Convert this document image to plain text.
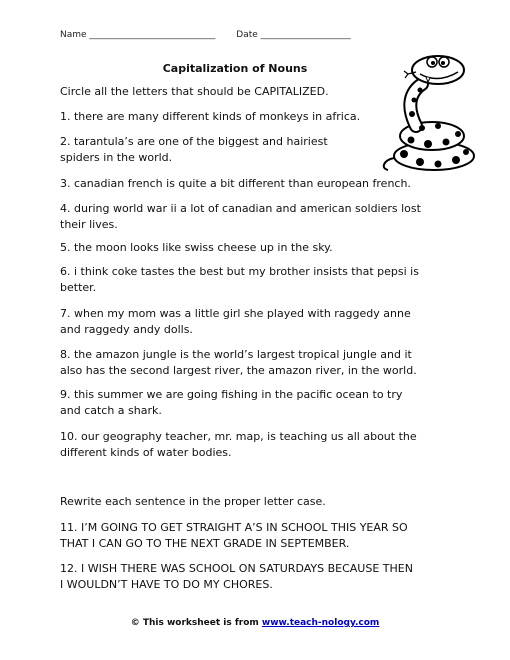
Name ____________________________ Date ____________________
Capitalization of Nouns
Circle all the letters that should be CAPITALIZED.
1. there are many different kinds of monkeys in africa.
2. tarantula’s are one of the biggest and hairiest
spiders in the world.
3. canadian french is quite a bit different than european french.
4. during world war ii a lot of canadian and american soldiers lost
their lives.
5. the moon looks like swiss cheese up in the sky.
6. i think coke tastes the best but my brother insists that pepsi is
better.
7. when my mom was a little girl she played with raggedy anne
and raggedy andy dolls.
8. the amazon jungle is the world’s largest tropical jungle and it
also has the second largest river, the amazon river, in the world.
9. this summer we are going fishing in the pacific ocean to try
and catch a shark.
10. our geography teacher, mr. map, is teaching us all about the
different kinds of water bodies.
Rewrite each sentence in the proper letter case.
11. I’M GOING TO GET STRAIGHT A’S IN SCHOOL THIS YEAR SO
THAT I CAN GO TO THE NEXT GRADE IN SEPTEMBER.
12. I WISH THERE WAS SCHOOL ON SATURDAYS BECAUSE THEN
I WOULDN’T HAVE TO DO MY CHORES.
© This worksheet is from www.teach-nology.com
